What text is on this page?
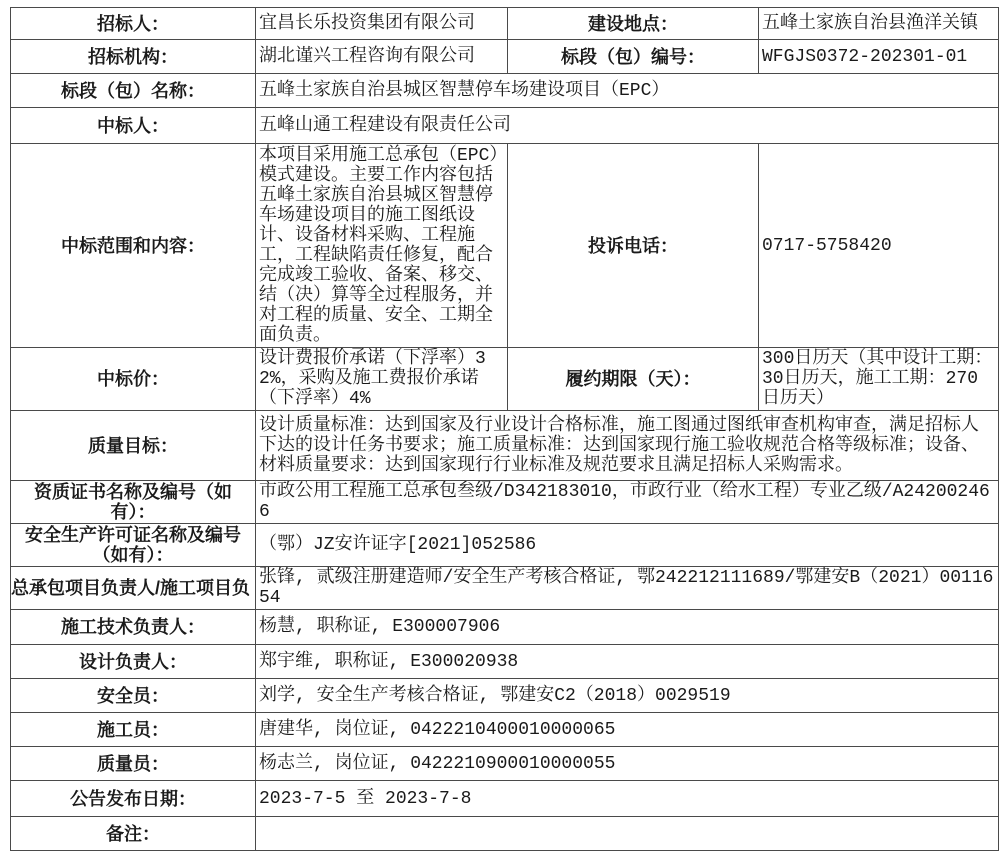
招标人：	宜昌长乐投资集团有限公司	建设地点：	五峰土家族自治县渔洋关镇
招标机构：	湖北谨兴工程咨询有限公司	标段（包）编号：	WFGJS0372-202301-01
标段（包）名称：	五峰土家族自治县城区智慧停车场建设项目（EPC）		
中标人：	五峰山通工程建设有限责任公司		
中标范围和内容：	本项目采用施工总承包（EPC）模式建设。主要工作内容包括五峰土家族自治县城区智慧停车场建设项目的施工图纸设计、设备材料采购、工程施工，工程缺陷责任修复，配合完成竣工验收、备案、移交、结（决）算等全过程服务，并对工程的质量、安全、工期全面负责。	投诉电话：	0717-5758420
中标价：	设计费报价承诺（下浮率）32%，采购及施工费报价承诺（下浮率）4%	履约期限（天）：	300日历天（其中设计工期：30日历天，施工工期：270日历天）
质量目标：	设计质量标准：达到国家及行业设计合格标准，施工图通过图纸审查机构审查，满足招标人下达的设计任务书要求；施工质量标准：达到国家现行施工验收规范合格等级标准；设备、材料质量要求：达到国家现行行业标准及规范要求且满足招标人采购需求。		
资质证书名称及编号（如有）：	市政公用工程施工总承包叁级/D342183010，市政行业（给水工程）专业乙级/A242002466		
安全生产许可证名称及编号（如有）：	（鄂）JZ安许证字[2021]052586		
总承包项目负责人/施工项目负	张锋, 贰级注册建造师/安全生产考核合格证, 鄂242212111689/鄂建安B（2021）0011654		
施工技术负责人：	杨慧, 职称证, E300007906		
设计负责人：	郑宇维, 职称证, E300020938		
安全员：	刘学, 安全生产考核合格证, 鄂建安C2（2018）0029519		
施工员：	唐建华, 岗位证, 0422210400010000065		
质量员：	杨志兰, 岗位证, 0422210900010000055		
公告发布日期：	2023-7-5 至 2023-7-8		
备注：			
